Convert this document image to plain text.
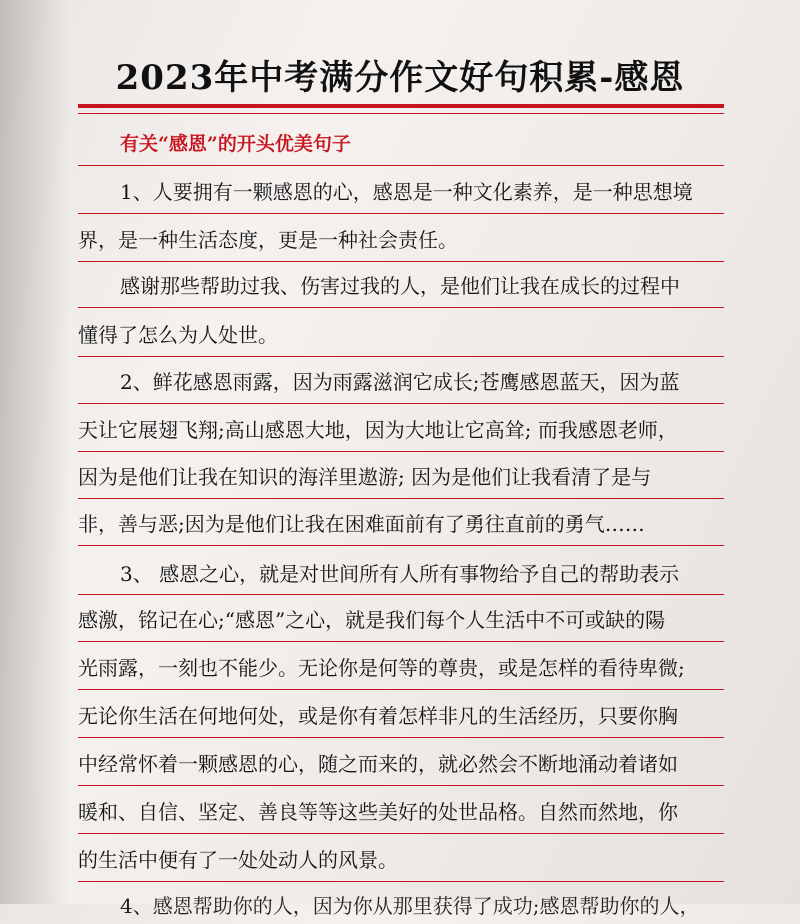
2023年中考满分作文好句积累-感恩
有关“感恩”的开头优美句子
1、人要拥有一颗感恩的心，感恩是一种文化素养，是一种思想境
界，是一种生活态度，更是一种社会责任。
感谢那些帮助过我、伤害过我的人，是他们让我在成长的过程中
懂得了怎么为人处世。
2、鲜花感恩雨露，因为雨露滋润它成长;苍鹰感恩蓝天，因为蓝
天让它展翅飞翔;高山感恩大地，因为大地让它高耸; 而我感恩老师，
因为是他们让我在知识的海洋里遨游; 因为是他们让我看清了是与
非，善与恶;因为是他们让我在困难面前有了勇往直前的勇气……
3、 感恩之心，就是对世间所有人所有事物给予自己的帮助表示
感激，铭记在心;“感恩”之心，就是我们每个人生活中不可或缺的陽
光雨露，一刻也不能少。无论你是何等的尊贵，或是怎样的看待卑微;
无论你生活在何地何处，或是你有着怎样非凡的生活经历，只要你胸
中经常怀着一颗感恩的心，随之而来的，就必然会不断地涌动着诸如
暖和、自信、坚定、善良等等这些美好的处世品格。自然而然地，你
的生活中便有了一处处动人的风景。
4、感恩帮助你的人，因为你从那里获得了成功;感恩帮助你的人，
